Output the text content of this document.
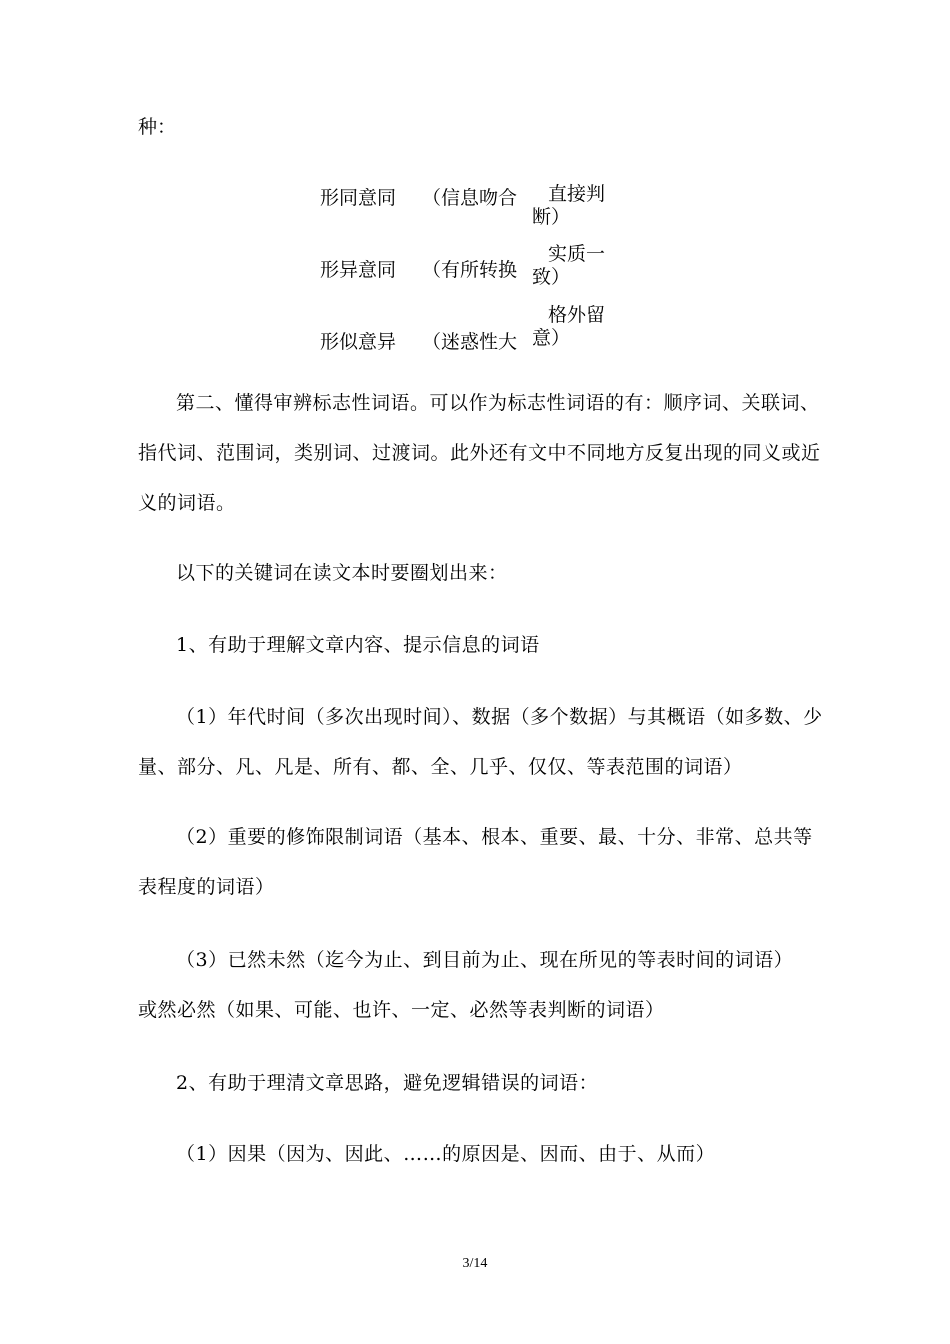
种：
形同意同 （信息吻合	直接判断）
形异意同 （有所转换
实质一致）
形似意异 （迷惑性大
格外留意）
第二、懂得审辨标志性词语。可以作为标志性词语的有：顺序词、关联词、指代词、范围词，类别词、过渡词。此外还有文中不同地方反复出现的同义或近义的词语。
以下的关键词在读文本时要圈划出来：
1、有助于理解文章内容、提示信息的词语
（1）年代时间（多次出现时间）、数据（多个数据）与其概语（如多数、少量、部分、凡、凡是、所有、都、全、几乎、仅仅、等表范围的词语）
（2）重要的修饰限制词语（基本、根本、重要、最、十分、非常、总共等表程度的词语）
（3）已然未然（迄今为止、到目前为止、现在所见的等表时间的词语）
或然必然（如果、可能、也许、一定、必然等表判断的词语）
2、有助于理清文章思路，避免逻辑错误的词语：
（1）因果（因为、因此、……的原因是、因而、由于、从而）
3/14
